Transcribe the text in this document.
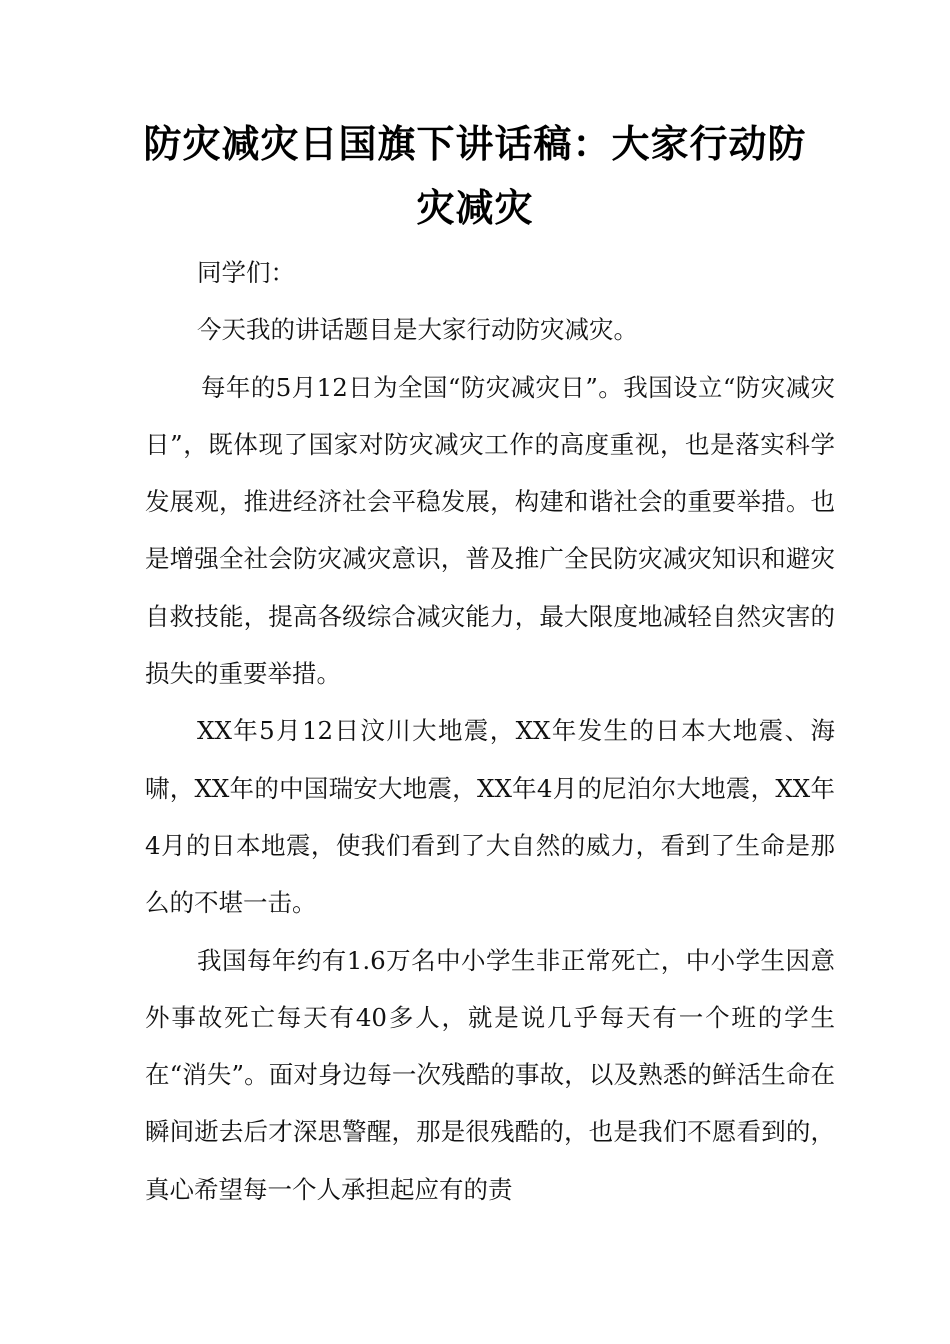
防灾减灾日国旗下讲话稿：大家行动防灾减灾

同学们：

今天我的讲话题目是大家行动防灾减灾。

每年的5月12日为全国“防灾减灾日”。我国设立“防灾减灾日”，既体现了国家对防灾减灾工作的高度重视，也是落实科学发展观，推进经济社会平稳发展，构建和谐社会的重要举措。也是增强全社会防灾减灾意识，普及推广全民防灾减灾知识和避灾自救技能，提高各级综合减灾能力，最大限度地减轻自然灾害的损失的重要举措。

XX年5月12日汶川大地震，XX年发生的日本大地震、海啸，XX年的中国瑞安大地震，XX年4月的尼泊尔大地震，XX年4月的日本地震，使我们看到了大自然的威力，看到了生命是那么的不堪一击。

我国每年约有1.6万名中小学生非正常死亡，中小学生因意外事故死亡每天有40多人，就是说几乎每天有一个班的学生在“消失”。面对身边每一次残酷的事故，以及熟悉的鲜活生命在瞬间逝去后才深思警醒，那是很残酷的，也是我们不愿看到的，真心希望每一个人承担起应有的责
